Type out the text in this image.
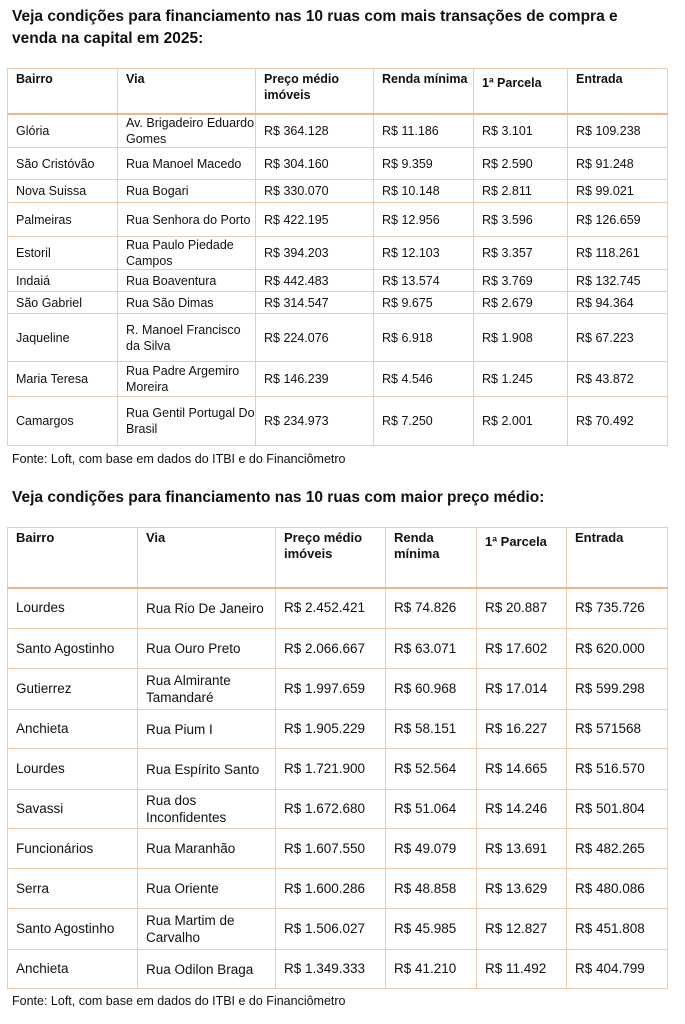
Veja condições para financiamento nas 10 ruas com mais transações de compra e
venda na capital em 2025:
Bairro	Via	Preço médio imóveis	Renda mínima	1ª Parcela	Entrada
Glória	Av. Brigadeiro Eduardo Gomes	R$ 364.128	R$ 11.186	R$ 3.101	R$ 109.238
São Cristóvão	Rua Manoel Macedo	R$ 304.160	R$ 9.359	R$ 2.590	R$ 91.248
Nova Suissa	Rua Bogari	R$ 330.070	R$ 10.148	R$ 2.811	R$ 99.021
Palmeiras	Rua Senhora do Porto	R$ 422.195	R$ 12.956	R$ 3.596	R$ 126.659
Estoril	Rua Paulo Piedade Campos	R$ 394.203	R$ 12.103	R$ 3.357	R$ 118.261
Indaiá	Rua Boaventura	R$ 442.483	R$ 13.574	R$ 3.769	R$ 132.745
São Gabriel	Rua São Dimas	R$ 314.547	R$ 9.675	R$ 2.679	R$ 94.364
Jaqueline	R. Manoel Francisco da Silva	R$ 224.076	R$ 6.918	R$ 1.908	R$ 67.223
Maria Teresa	Rua Padre Argemiro Moreira	R$ 146.239	R$ 4.546	R$ 1.245	R$ 43.872
Camargos	Rua Gentil Portugal Do Brasil	R$ 234.973	R$ 7.250	R$ 2.001	R$ 70.492
Fonte: Loft, com base em dados do ITBI e do Financiômetro
Veja condições para financiamento nas 10 ruas com maior preço médio:
Bairro	Via	Preço médio imóveis	Renda mínima	1ª Parcela	Entrada
Lourdes	Rua Rio De Janeiro	R$ 2.452.421	R$ 74.826	R$ 20.887	R$ 735.726
Santo Agostinho	Rua Ouro Preto	R$ 2.066.667	R$ 63.071	R$ 17.602	R$ 620.000
Gutierrez	Rua Almirante Tamandaré	R$ 1.997.659	R$ 60.968	R$ 17.014	R$ 599.298
Anchieta	Rua Pium I	R$ 1.905.229	R$ 58.151	R$ 16.227	R$ 571568
Lourdes	Rua Espírito Santo	R$ 1.721.900	R$ 52.564	R$ 14.665	R$ 516.570
Savassi	Rua dos Inconfidentes	R$ 1.672.680	R$ 51.064	R$ 14.246	R$ 501.804
Funcionários	Rua Maranhão	R$ 1.607.550	R$ 49.079	R$ 13.691	R$ 482.265
Serra	Rua Oriente	R$ 1.600.286	R$ 48.858	R$ 13.629	R$ 480.086
Santo Agostinho	Rua Martim de Carvalho	R$ 1.506.027	R$ 45.985	R$ 12.827	R$ 451.808
Anchieta	Rua Odilon Braga	R$ 1.349.333	R$ 41.210	R$ 11.492	R$ 404.799
Fonte: Loft, com base em dados do ITBI e do Financiômetro
